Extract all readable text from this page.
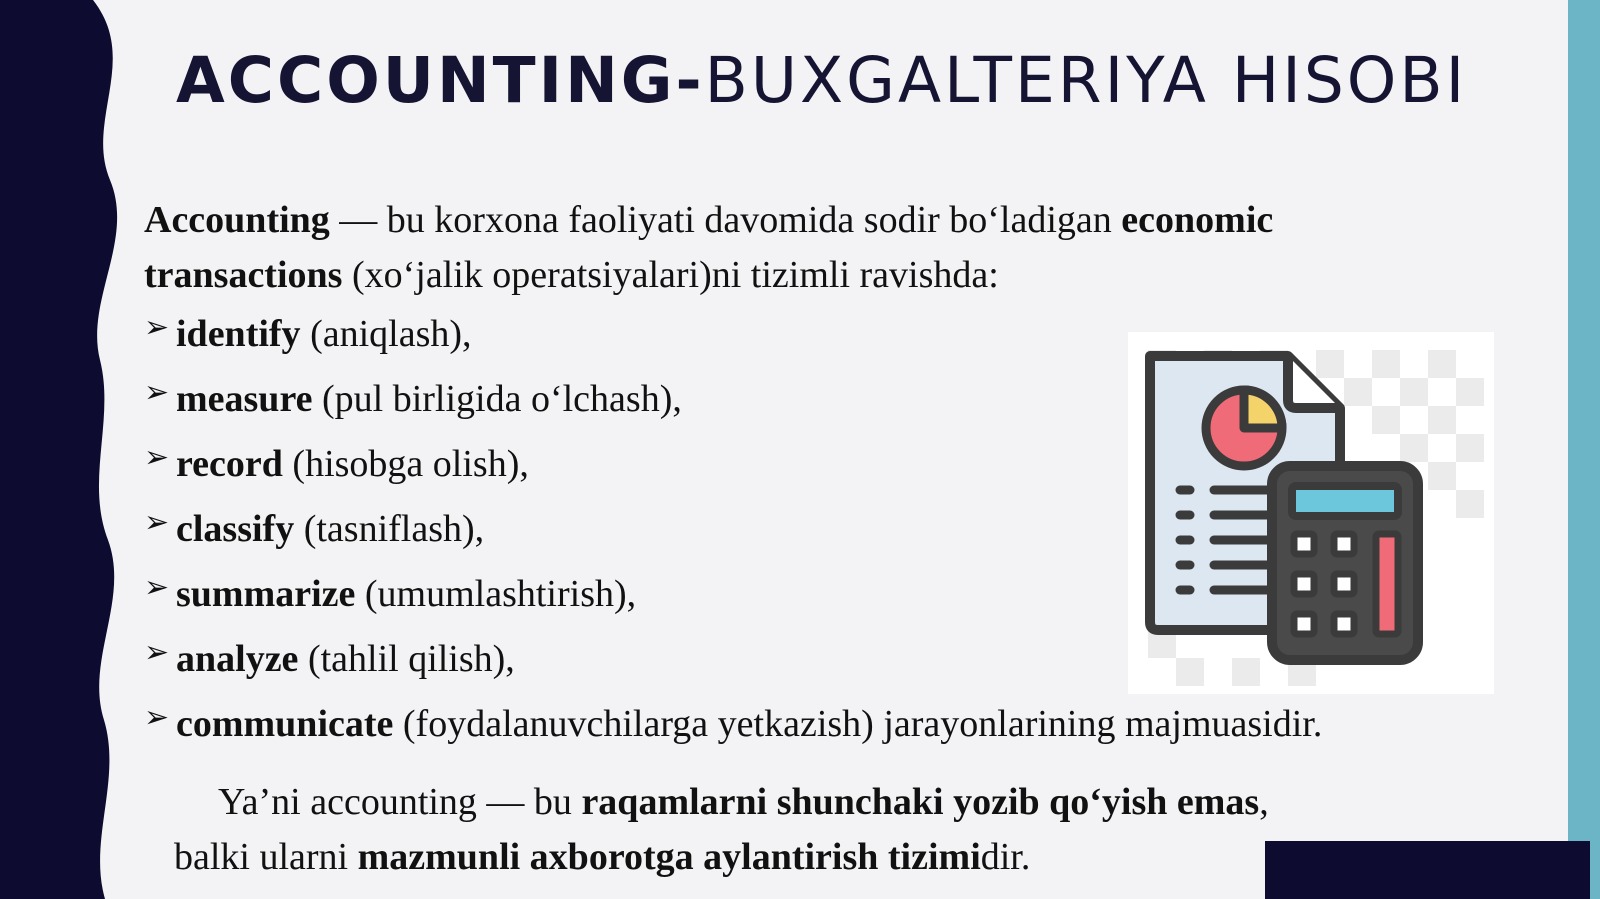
ACCOUNTING-BUXGALTERIYA HISOBI
Accounting — bu korxona faoliyati davomida sodir bo‘ladigan economic transactions (xo‘jalik operatsiyalari)ni tizimli ravishda:
➢ identify (aniqlash),
➢ measure (pul birligida o‘lchash),
➢ record (hisobga olish),
➢ classify (tasniflash),
➢ summarize (umumlashtirish),
➢ analyze (tahlil qilish),
➢ communicate (foydalanuvchilarga yetkazish) jarayonlarining majmuasidir.
Ya’ni accounting — bu raqamlarni shunchaki yozib qo‘yish emas,
balki ularni mazmunli axborotga aylantirish tizimidir.
